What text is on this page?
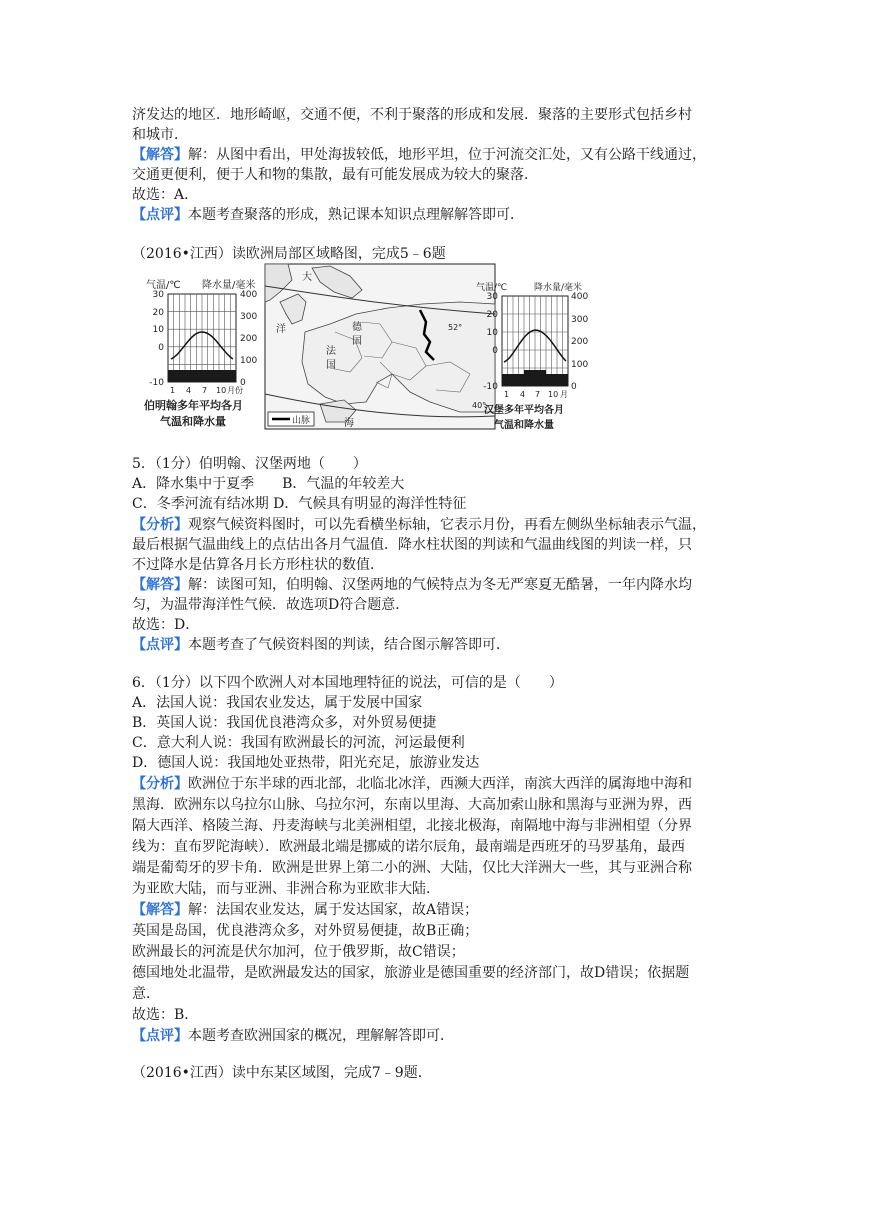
济发达的地区．地形崎岖，交通不便，不利于聚落的形成和发展．聚落的主要形式包括乡村
和城市．
【解答】解：从图中看出，甲处海拔较低，地形平坦，位于河流交汇处，又有公路干线通过，
交通更便利，便于人和物的集散，最有可能发展成为较大的聚落．
故选：A．
【点评】本题考查聚落的形成，熟记课本知识点理解解答即可．
（2016•江西）读欧洲局部区域略图，完成5﹣6题
气温/℃ 降水量/毫米
30
20
10
0
-10
400
300
200
100
0
1 4 7 10 月份
伯明翰多年平均各月
气温和降水量
大
洋	德
国
法
国
海
52°
40°
山脉
气温/℃	降水量/毫米
30
20
10
0
-10
400
300
200
100
0
1 4 7 10 月
汉堡多年平均各月
气温和降水量
5．（1分）伯明翰、汉堡两地（　　）
A．降水集中于夏季　　B．气温的年较差大
C．冬季河流有结冰期 D．气候具有明显的海洋性特征
【分析】观察气候资料图时，可以先看横坐标轴，它表示月份，再看左侧纵坐标轴表示气温，
最后根据气温曲线上的点估出各月气温值．降水柱状图的判读和气温曲线图的判读一样，只
不过降水是估算各月长方形柱状的数值．
【解答】解：读图可知，伯明翰、汉堡两地的气候特点为冬无严寒夏无酷暑，一年内降水均
匀，为温带海洋性气候．故选项D符合题意．
故选：D．
【点评】本题考查了气候资料图的判读，结合图示解答即可．
6．（1分）以下四个欧洲人对本国地理特征的说法，可信的是（　　）
A．法国人说：我国农业发达，属于发展中国家
B．英国人说：我国优良港湾众多，对外贸易便捷
C．意大利人说：我国有欧洲最长的河流，河运最便利
D．德国人说：我国地处亚热带，阳光充足，旅游业发达
【分析】欧洲位于东半球的西北部，北临北冰洋，西濒大西洋，南滨大西洋的属海地中海和
黑海．欧洲东以乌拉尔山脉、乌拉尔河，东南以里海、大高加索山脉和黑海与亚洲为界，西
隔大西洋、格陵兰海、丹麦海峡与北美洲相望，北接北极海，南隔地中海与非洲相望（分界
线为：直布罗陀海峡）．欧洲最北端是挪威的诺尔辰角，最南端是西班牙的马罗基角，最西
端是葡萄牙的罗卡角．欧洲是世界上第二小的洲、大陆，仅比大洋洲大一些，其与亚洲合称
为亚欧大陆，而与亚洲、非洲合称为亚欧非大陆．
【解答】解：法国农业发达，属于发达国家，故A错误；
英国是岛国，优良港湾众多，对外贸易便捷，故B正确；
欧洲最长的河流是伏尔加河，位于俄罗斯，故C错误；
德国地处北温带，是欧洲最发达的国家，旅游业是德国重要的经济部门，故D错误；依据题
意．
故选：B．
【点评】本题考查欧洲国家的概况，理解解答即可．
（2016•江西）读中东某区域图，完成7﹣9题．
